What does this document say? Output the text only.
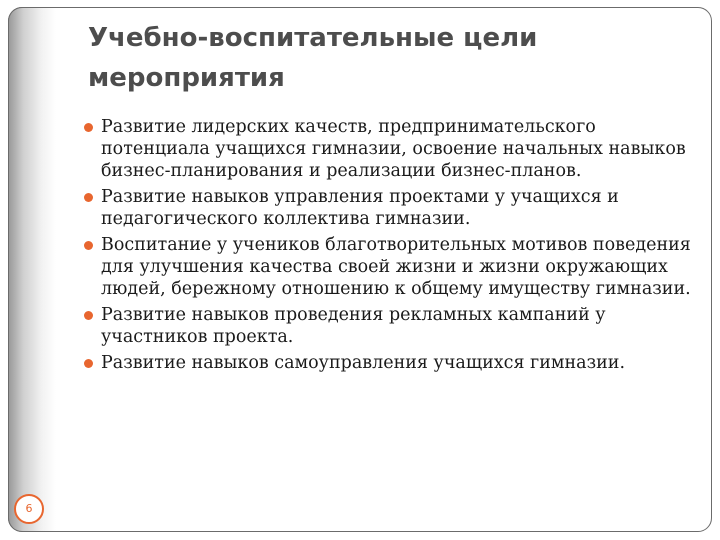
Учебно-воспитательные цели мероприятия
Развитие лидерских качеств, предпринимательского потенциала учащихся гимназии, освоение начальных навыков бизнес-планирования и реализации бизнес-планов.
Развитие навыков управления проектами у учащихся и педагогического коллектива гимназии.
Воспитание у учеников благотворительных мотивов поведения для улучшения качества своей жизни и жизни окружающих людей, бережному отношению к общему имуществу гимназии.
Развитие навыков проведения рекламных кампаний у участников проекта.
Развитие навыков самоуправления учащихся гимназии.
6
